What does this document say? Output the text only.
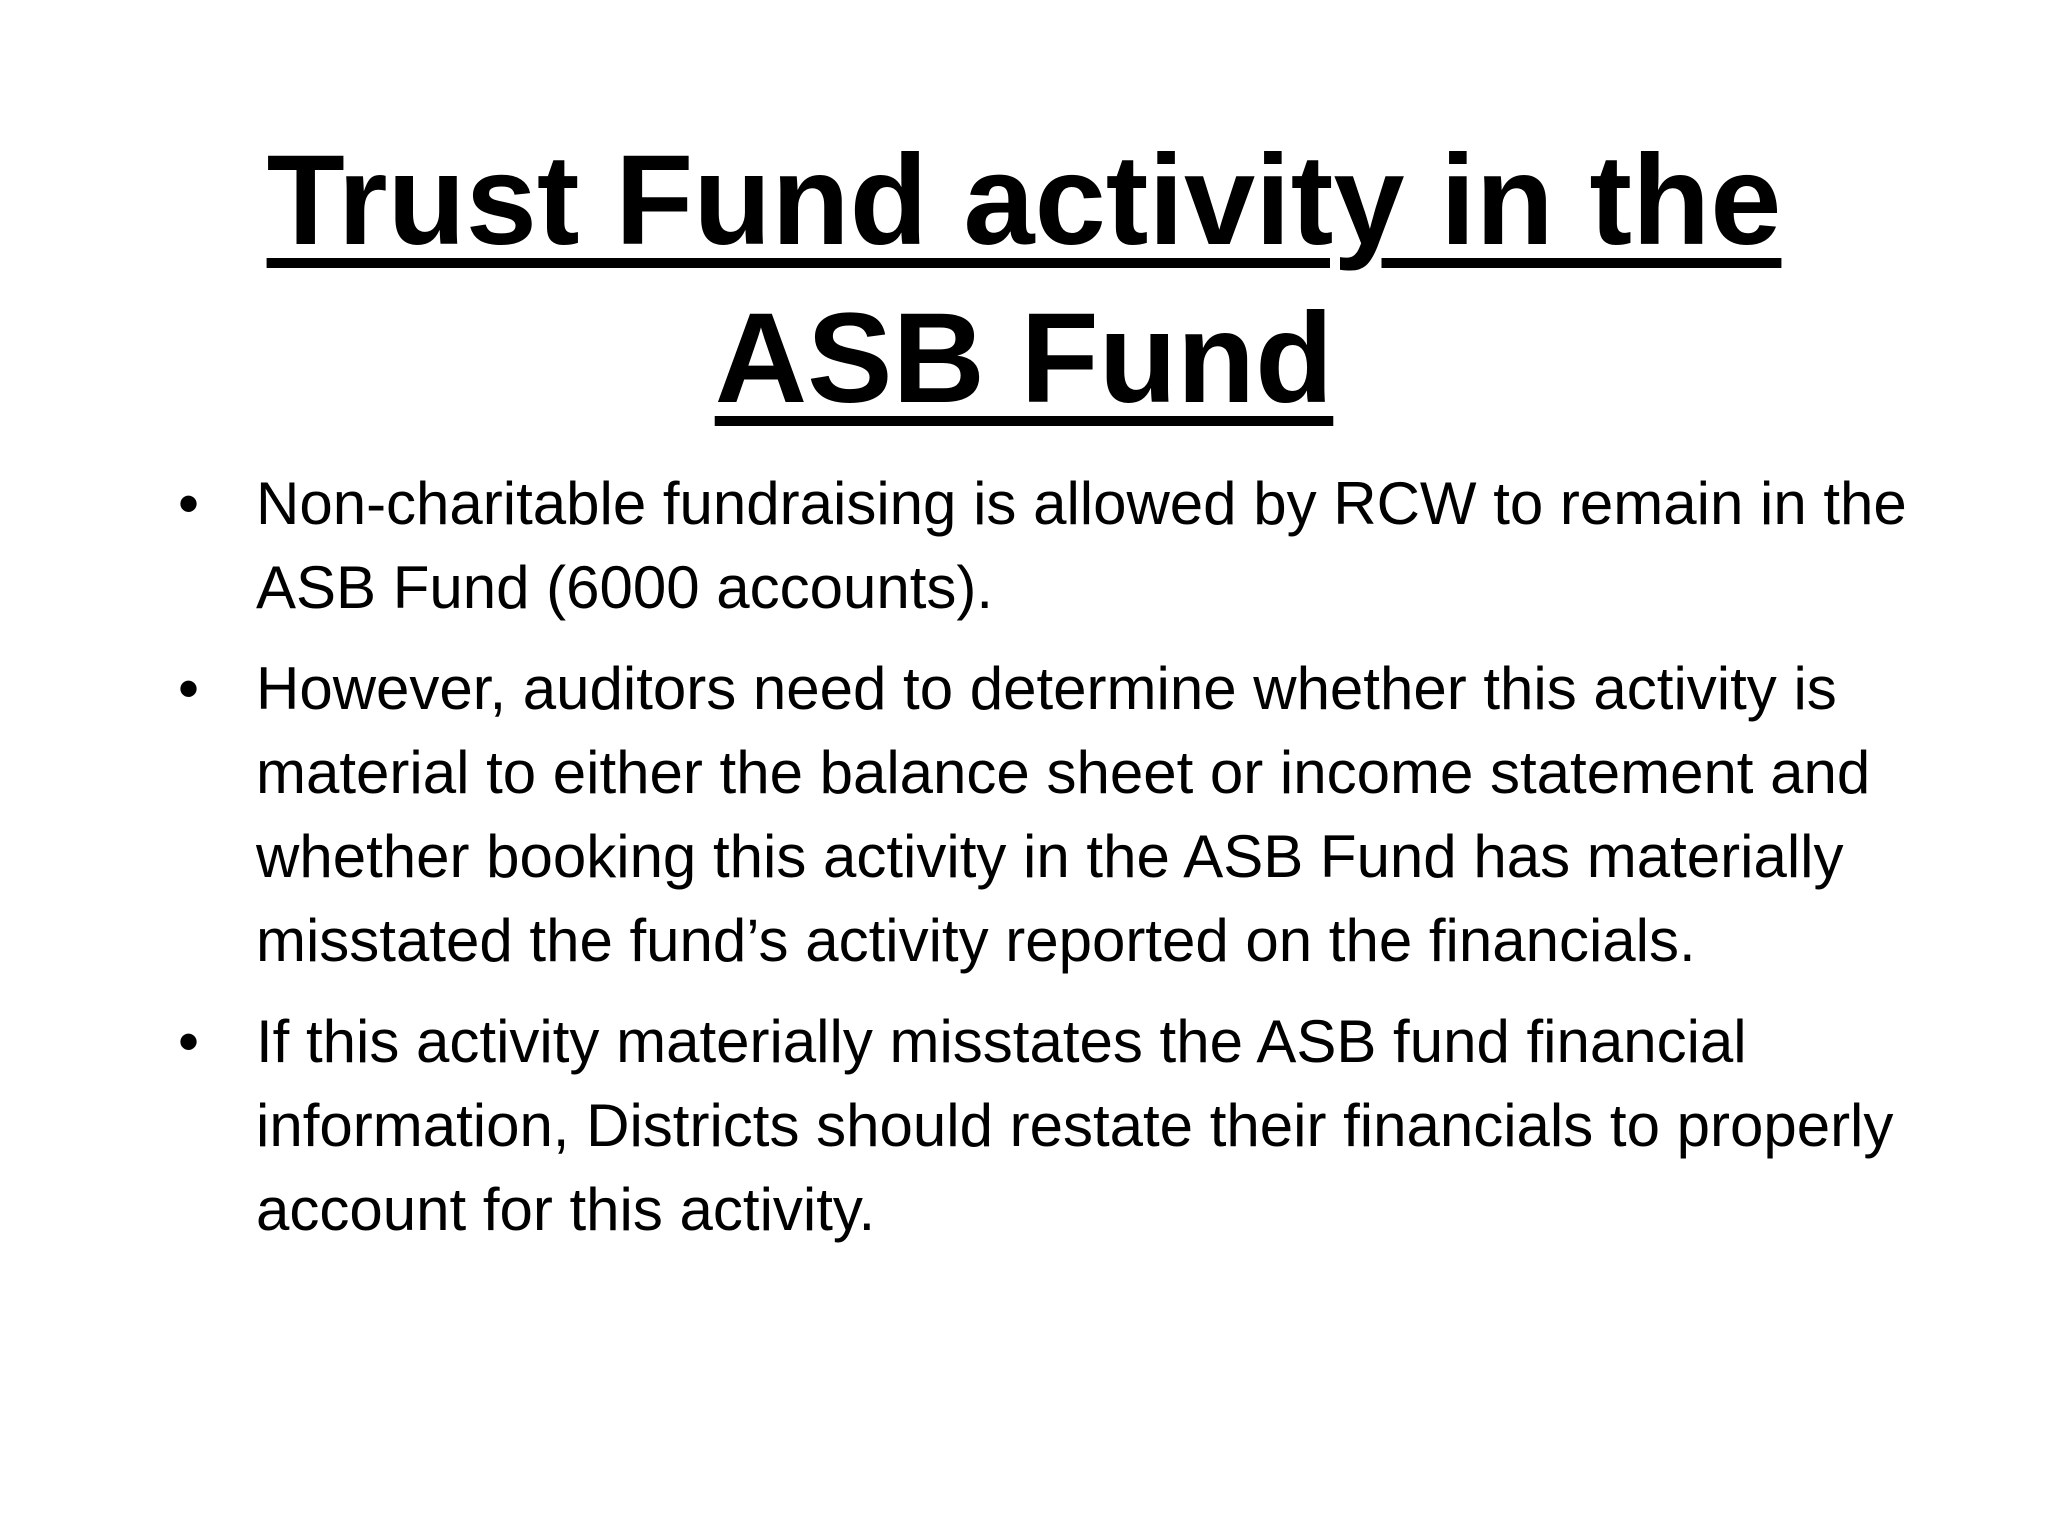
Trust Fund activity in the
ASB Fund
• Non-charitable fundraising is allowed by RCW to remain in the ASB Fund (6000 accounts).
• However, auditors need to determine whether this activity is material to either the balance sheet or income statement and whether booking this activity in the ASB Fund has materially misstated the fund’s activity reported on the financials.
• If this activity materially misstates the ASB fund financial information, Districts should restate their financials to properly account for this activity.
